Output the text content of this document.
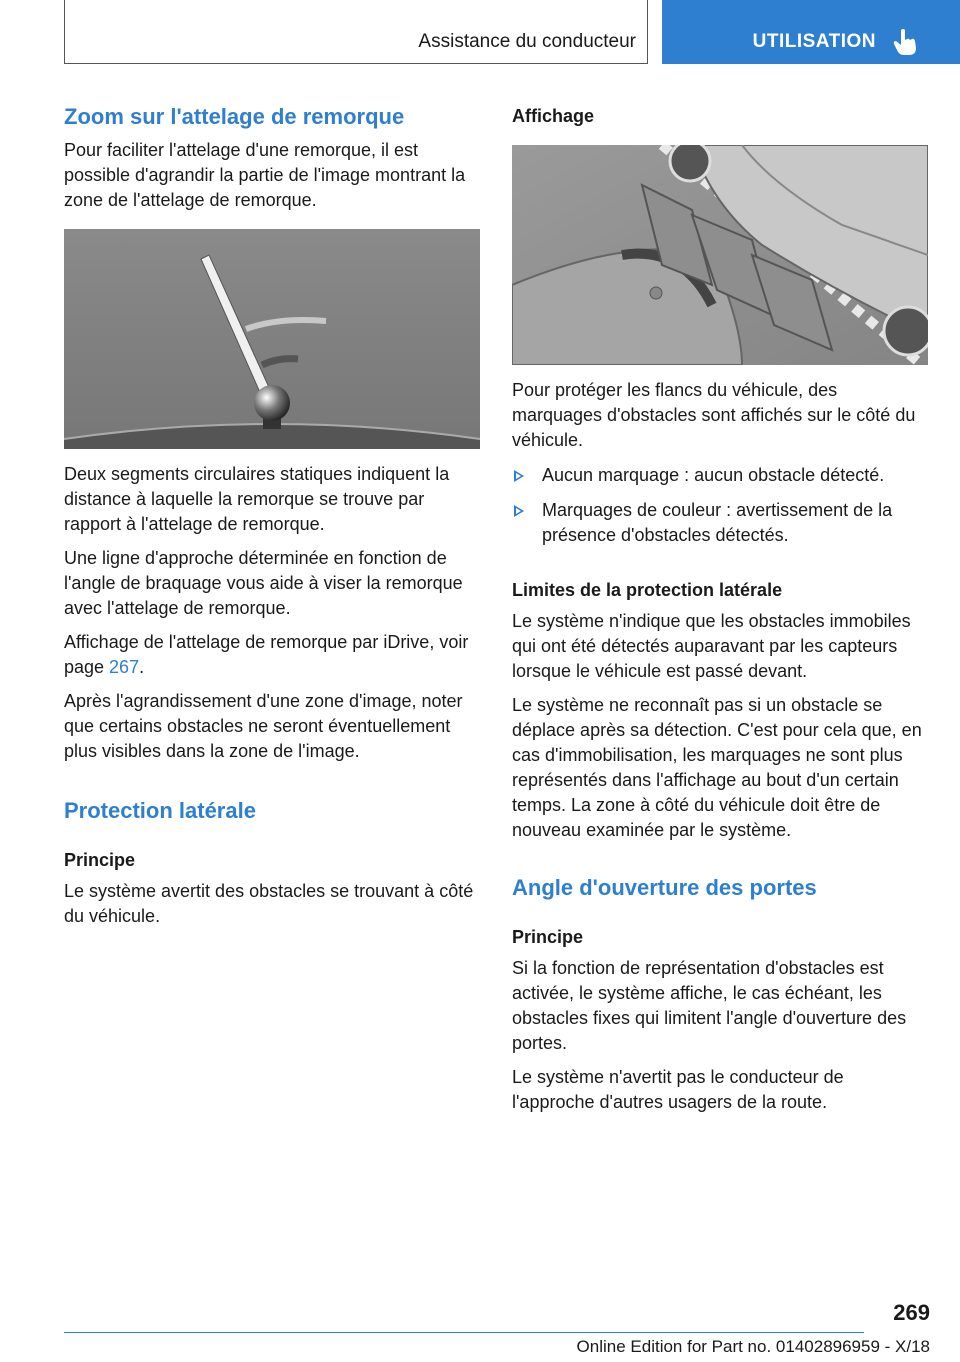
Assistance du conducteur	UTILISATION
Zoom sur l'attelage de remorque

Pour faciliter l'attelage d'une remorque, il est possible d'agrandir la partie de l'image montrant la zone de l'attelage de remorque.

Deux segments circulaires statiques indiquent la distance à laquelle la remorque se trouve par rapport à l'attelage de remorque.

Une ligne d'approche déterminée en fonction de l'angle de braquage vous aide à viser la remorque avec l'attelage de remorque.

Affichage de l'attelage de remorque par iDrive, voir page 267.

Après l'agrandissement d'une zone d'image, noter que certains obstacles ne seront éventuellement plus visibles dans la zone de l'image.

Protection latérale
Principe

Le système avertit des obstacles se trouvant à côté du véhicule.

Affichage

Pour protéger les flancs du véhicule, des marquages d'obstacles sont affichés sur le côté du véhicule.

Aucun marquage : aucun obstacle détecté.
Marquages de couleur : avertissement de la présence d'obstacles détectés.
Limites de la protection latérale

Le système n'indique que les obstacles immobiles qui ont été détectés auparavant par les capteurs lorsque le véhicule est passé devant.

Le système ne reconnaît pas si un obstacle se déplace après sa détection. C'est pour cela que, en cas d'immobilisation, les marquages ne sont plus représentés dans l'affichage au bout d'un certain temps. La zone à côté du véhicule doit être de nouveau examinée par le système.

Angle d'ouverture des portes
Principe

Si la fonction de représentation d'obstacles est activée, le système affiche, le cas échéant, les obstacles fixes qui limitent l'angle d'ouverture des portes.

Le système n'avertit pas le conducteur de l'approche d'autres usagers de la route.

269
Online Edition for Part no. 01402896959 - X/18
